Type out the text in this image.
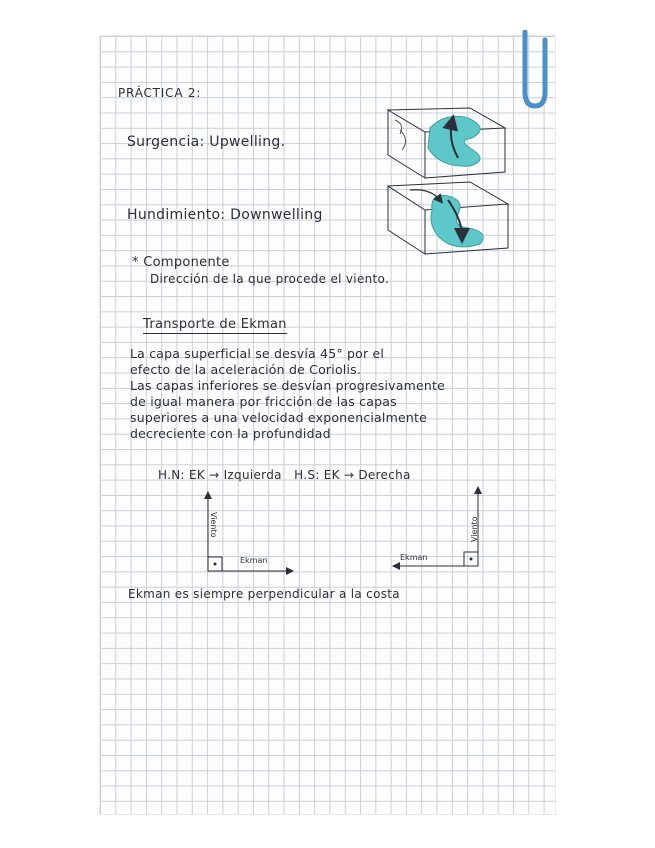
PRÁCTICA 2:

Surgencia: Upwelling.

Hundimiento: Downwelling

* Componente

Dirección de la que procede el viento.

Transporte de Ekman

La capa superficial se desvía 45° por el
efecto de la aceleración de Coriolis.
Las capas inferiores se desvían progresivamente
de igual manera por fricción de las capas
superiores a una velocidad exponencialmente
decreciente con la profundidad

H.N: EK → Izquierda   H.S: EK → Derecha

Ekman es siempre perpendicular a la costa

Viento
Ekman
Viento
Ekman
